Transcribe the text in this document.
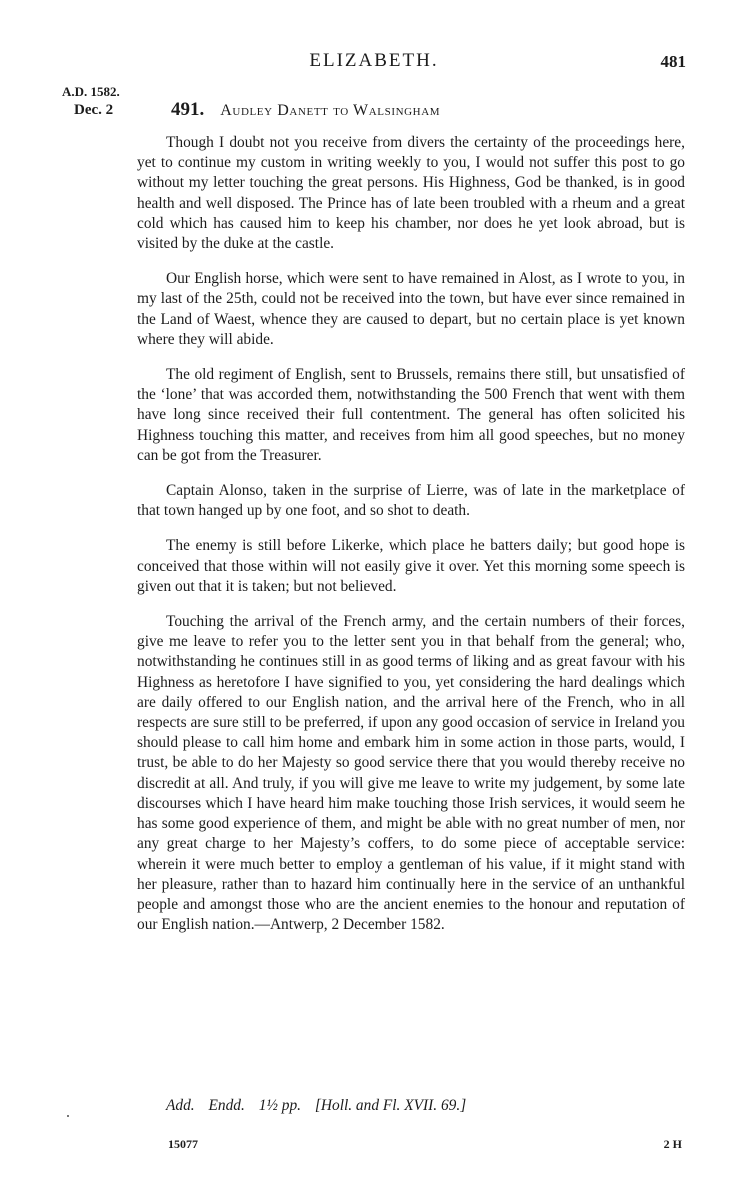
ELIZABETH.	481
A.D. 1582.
Dec. 2	491. Audley Danett to Walsingham

Though I doubt not you receive from divers the certainty of the proceedings here, yet to continue my custom in writing weekly to you, I would not suffer this post to go without my letter touching the great persons. His Highness, God be thanked, is in good health and well disposed. The Prince has of late been troubled with a rheum and a great cold which has caused him to keep his chamber, nor does he yet look abroad, but is visited by the duke at the castle.

Our English horse, which were sent to have remained in Alost, as I wrote to you, in my last of the 25th, could not be received into the town, but have ever since remained in the Land of Waest, whence they are caused to depart, but no certain place is yet known where they will abide.

The old regiment of English, sent to Brussels, remains there still, but unsatisfied of the ‘lone’ that was accorded them, notwithstanding the 500 French that went with them have long since received their full contentment. The general has often solicited his Highness touching this matter, and receives from him all good speeches, but no money can be got from the Treasurer.

Captain Alonso, taken in the surprise of Lierre, was of late in the marketplace of that town hanged up by one foot, and so shot to death.

The enemy is still before Likerke, which place he batters daily; but good hope is conceived that those within will not easily give it over. Yet this morning some speech is given out that it is taken; but not believed.

Touching the arrival of the French army, and the certain numbers of their forces, give me leave to refer you to the letter sent you in that behalf from the general; who, notwithstanding he continues still in as good terms of liking and as great favour with his Highness as heretofore I have signified to you, yet considering the hard dealings which are daily offered to our English nation, and the arrival here of the French, who in all respects are sure still to be preferred, if upon any good occasion of service in Ireland you should please to call him home and embark him in some action in those parts, would, I trust, be able to do her Majesty so good service there that you would thereby receive no discredit at all. And truly, if you will give me leave to write my judgement, by some late discourses which I have heard him make touching those Irish services, it would seem he has some good experience of them, and might be able with no great number of men, nor any great charge to her Majesty’s coffers, to do some piece of acceptable service: wherein it were much better to employ a gentleman of his value, if it might stand with her pleasure, rather than to hazard him continually here in the service of an unthankful people and amongst those who are the ancient enemies to the honour and reputation of our English nation.—Antwerp, 2 December 1582.

Add. Endd. 1½ pp. [Holl. and Fl. XVII. 69.]
15077	2 H
